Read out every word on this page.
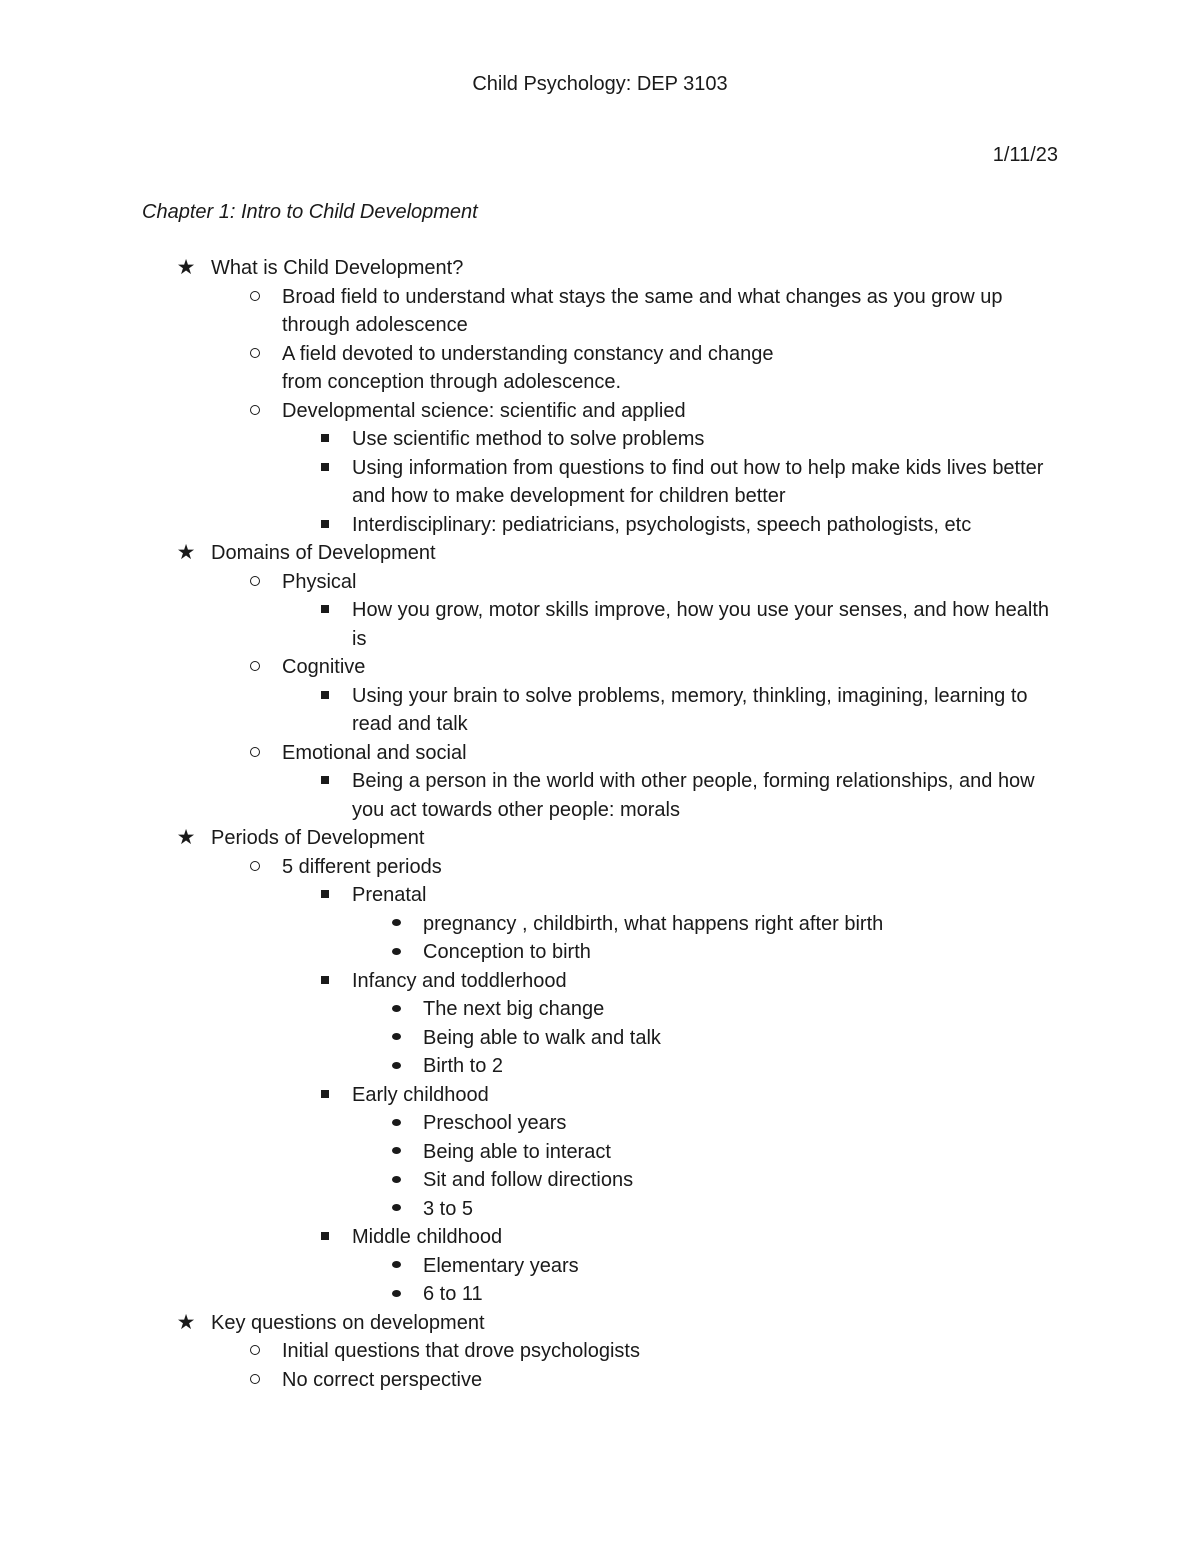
Child Psychology: DEP 3103
1/11/23
Chapter 1: Intro to Child Development
★ What is Child Development?
Broad field to understand what stays the same and what changes as you grow up through adolescence
A field devoted to understanding constancy and change
from conception through adolescence.
Developmental science: scientific and applied
Use scientific method to solve problems
Using information from questions to find out how to help make kids lives better and how to make development for children better
Interdisciplinary: pediatricians, psychologists, speech pathologists, etc
★ Domains of Development
Physical
How you grow, motor skills improve, how you use your senses, and how health is
Cognitive
Using your brain to solve problems, memory, thinkling, imagining, learning to read and talk
Emotional and social
Being a person in the world with other people, forming relationships, and how you act towards other people: morals
★ Periods of Development
5 different periods
Prenatal
pregnancy , childbirth, what happens right after birth
Conception to birth
Infancy and toddlerhood
The next big change
Being able to walk and talk
Birth to 2
Early childhood
Preschool years
Being able to interact
Sit and follow directions
3 to 5
Middle childhood
Elementary years
6 to 11
★ Key questions on development
Initial questions that drove psychologists
No correct perspective
